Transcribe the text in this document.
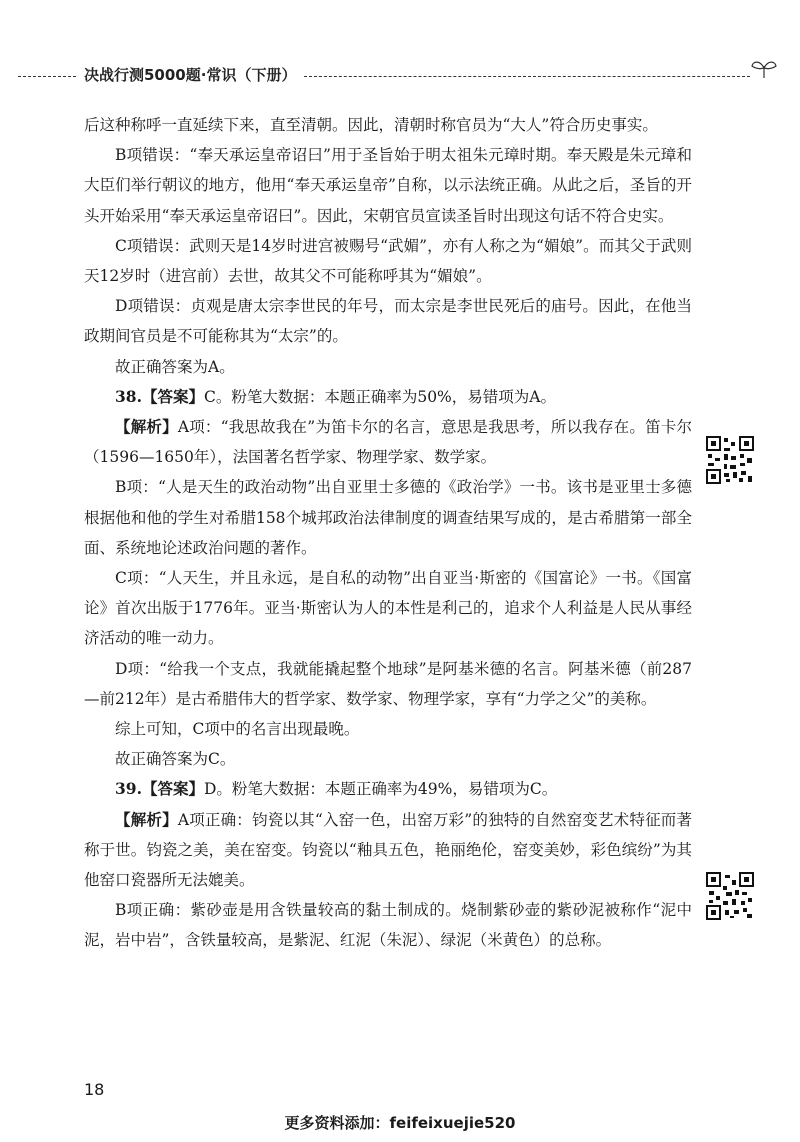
决战行测5000题·常识（下册）

后这种称呼一直延续下来，直至清朝。因此，清朝时称官员为“大人”符合历史事实。

B项错误：“奉天承运皇帝诏曰”用于圣旨始于明太祖朱元璋时期。奉天殿是朱元璋和大臣们举行朝议的地方，他用“奉天承运皇帝”自称，以示法统正确。从此之后，圣旨的开头开始采用“奉天承运皇帝诏曰”。因此，宋朝官员宣读圣旨时出现这句话不符合史实。

C项错误：武则天是14岁时进宫被赐号“武媚”，亦有人称之为“媚娘”。而其父于武则天12岁时（进宫前）去世，故其父不可能称呼其为“媚娘”。

D项错误：贞观是唐太宗李世民的年号，而太宗是李世民死后的庙号。因此，在他当政期间官员是不可能称其为“太宗”的。

故正确答案为A。

38.【答案】C。粉笔大数据：本题正确率为50%，易错项为A。

【解析】A项：“我思故我在”为笛卡尔的名言，意思是我思考，所以我存在。笛卡尔（1596—1650年），法国著名哲学家、物理学家、数学家。

B项：“人是天生的政治动物”出自亚里士多德的《政治学》一书。该书是亚里士多德根据他和他的学生对希腊158个城邦政治法律制度的调查结果写成的，是古希腊第一部全面、系统地论述政治问题的著作。

C项：“人天生，并且永远，是自私的动物”出自亚当·斯密的《国富论》一书。《国富论》首次出版于1776年。亚当·斯密认为人的本性是利己的，追求个人利益是人民从事经济活动的唯一动力。

D项：“给我一个支点，我就能撬起整个地球”是阿基米德的名言。阿基米德（前287—前212年）是古希腊伟大的哲学家、数学家、物理学家，享有“力学之父”的美称。

综上可知，C项中的名言出现最晚。

故正确答案为C。

39.【答案】D。粉笔大数据：本题正确率为49%，易错项为C。

【解析】A项正确：钧瓷以其“入窑一色，出窑万彩”的独特的自然窑变艺术特征而著称于世。钧瓷之美，美在窑变。钧瓷以“釉具五色，艳丽绝伦，窑变美妙，彩色缤纷”为其他窑口瓷器所无法媲美。

B项正确：紫砂壶是用含铁量较高的黏土制成的。烧制紫砂壶的紫砂泥被称作“泥中泥，岩中岩”，含铁量较高，是紫泥、红泥（朱泥）、绿泥（米黄色）的总称。

18
更多资料添加：feifeixuejie520
